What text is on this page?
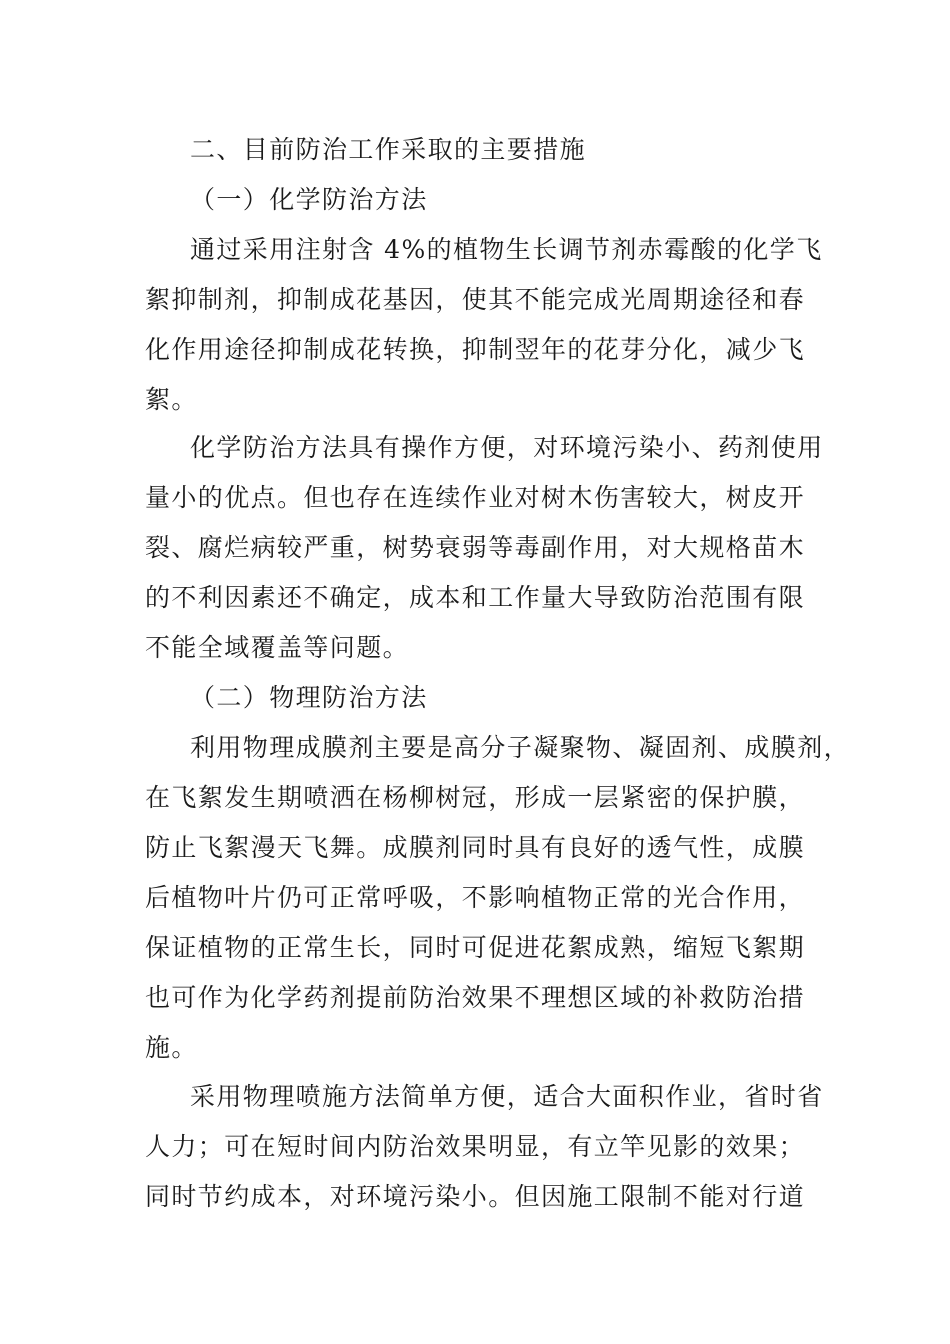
二、目前防治工作采取的主要措施
（一）化学防治方法
通过采用注射含 4%的植物生长调节剂赤霉酸的化学飞
絮抑制剂，抑制成花基因，使其不能完成光周期途径和春
化作用途径抑制成花转换，抑制翌年的花芽分化，减少飞
絮。
化学防治方法具有操作方便，对环境污染小、药剂使用
量小的优点。但也存在连续作业对树木伤害较大，树皮开
裂、腐烂病较严重，树势衰弱等毒副作用，对大规格苗木
的不利因素还不确定，成本和工作量大导致防治范围有限
不能全域覆盖等问题。
（二）物理防治方法
利用物理成膜剂主要是高分子凝聚物、凝固剂、成膜剂，
在飞絮发生期喷洒在杨柳树冠，形成一层紧密的保护膜，
防止飞絮漫天飞舞。成膜剂同时具有良好的透气性，成膜
后植物叶片仍可正常呼吸，不影响植物正常的光合作用，
保证植物的正常生长，同时可促进花絮成熟，缩短飞絮期
也可作为化学药剂提前防治效果不理想区域的补救防治措
施。
采用物理喷施方法简单方便，适合大面积作业，省时省
人力；可在短时间内防治效果明显，有立竿见影的效果；
同时节约成本，对环境污染小。但因施工限制不能对行道
